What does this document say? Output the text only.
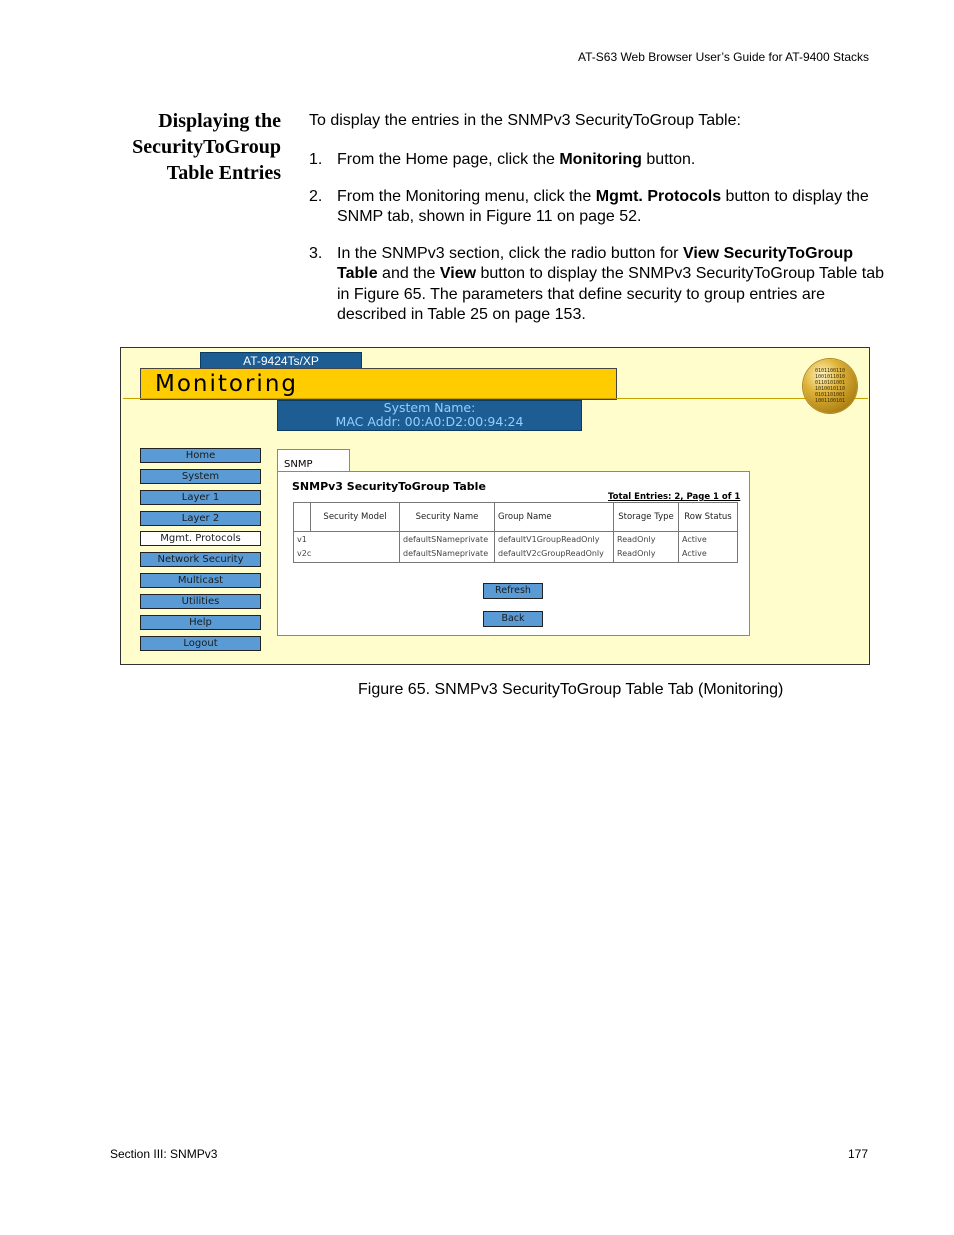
AT-S63 Web Browser User’s Guide for AT-9400 Stacks
Displaying the
SecurityToGroup
Table Entries
To display the entries in the SNMPv3 SecurityToGroup Table:
1. From the Home page, click the Monitoring button.
2. From the Monitoring menu, click the Mgmt. Protocols button to display the SNMP tab, shown in Figure 11 on page 52.
3. In the SNMPv3 section, click the radio button for View SecurityToGroup Table and the View button to display the SNMPv3 SecurityToGroup Table tab in Figure 65. The parameters that define security to group entries are described in Table 25 on page 153.
AT-9424Ts/XP
Monitoring
System Name:
MAC Addr: 00:A0:D2:00:94:24
0101100110 1001011010 0110101001 1010010110 0101101001 1001100101
Home
System
Layer 1
Layer 2
Mgmt. Protocols
Network Security
Multicast
Utilities
Help
Logout
SNMP
SNMPv3 SecurityToGroup Table
Total Entries: 2, Page 1 of 1
	Security Model	Security Name	Group Name	Storage Type	Row Status
v1		defaultSNameprivate	defaultV1GroupReadOnly	ReadOnly	Active
v2c		defaultSNameprivate	defaultV2cGroupReadOnly	ReadOnly	Active
Refresh
Back
Figure 65. SNMPv3 SecurityToGroup Table Tab (Monitoring)
Section III: SNMPv3	177
